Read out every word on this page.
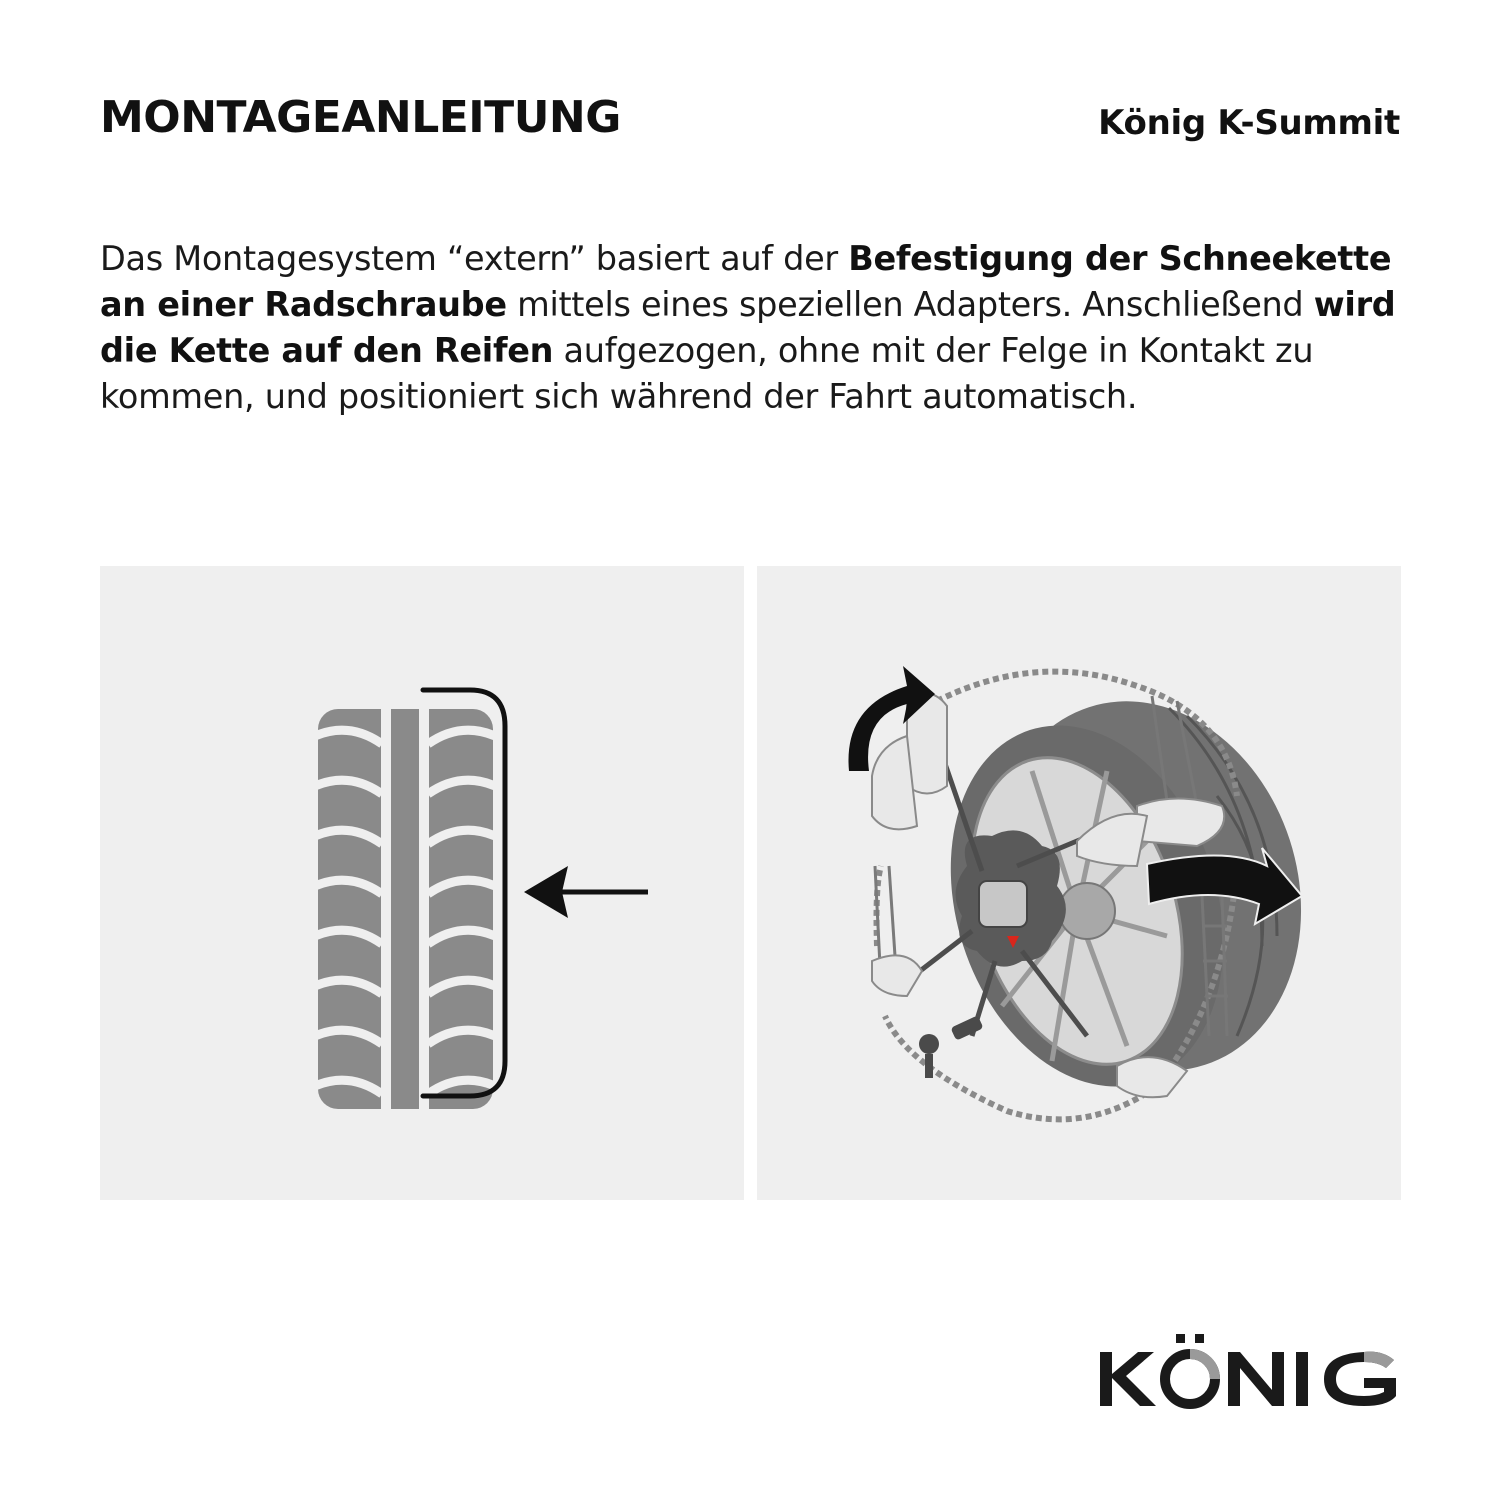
MONTAGEANLEITUNG	König K-Summit

Das Montagesystem “extern” basiert auf der Befestigung der Schneekette an einer Radschraube mittels eines speziellen Adapters. Anschließend wird die Kette auf den Reifen aufgezogen, ohne mit der Felge in Kontakt zu kommen, und positioniert sich während der Fahrt automatisch.
